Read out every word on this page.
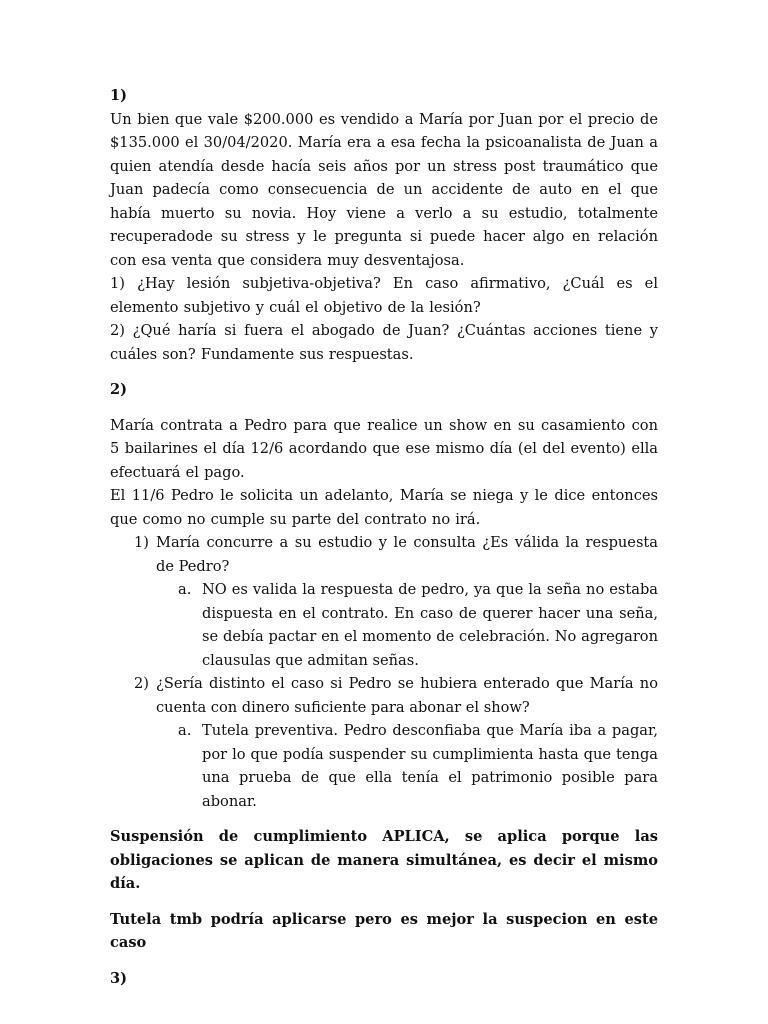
1)

Un bien que vale $200.000 es vendido a María por Juan por el precio de $135.000 el 30/04/2020. María era a esa fecha la psicoanalista de Juan a quien atendía desde hacía seis años por un stress post traumático que Juan padecía como consecuencia de un accidente de auto en el que había muerto su novia. Hoy viene a verlo a su estudio, totalmente recuperadode su stress y le pregunta si puede hacer algo en relación con esa venta que considera muy desventajosa.

1) ¿Hay lesión subjetiva-objetiva? En caso afirmativo, ¿Cuál es el elemento subjetivo y cuál el objetivo de la lesión?

2) ¿Qué haría si fuera el abogado de Juan? ¿Cuántas acciones tiene y cuáles son? Fundamente sus respuestas.

2)

María contrata a Pedro para que realice un show en su casamiento con 5 bailarines el día 12/6 acordando que ese mismo día (el del evento) ella efectuará el pago.

El 11/6 Pedro le solicita un adelanto, María se niega y le dice entonces que como no cumple su parte del contrato no irá.

1) María concurre a su estudio y le consulta ¿Es válida la respuesta de Pedro?
a. NO es valida la respuesta de pedro, ya que la seña no estaba dispuesta en el contrato. En caso de querer hacer una seña, se debía pactar en el momento de celebración. No agregaron clausulas que admitan señas.
2) ¿Sería distinto el caso si Pedro se hubiera enterado que María no cuenta con dinero suficiente para abonar el show?
a. Tutela preventiva. Pedro desconfiaba que María iba a pagar, por lo que podía suspender su cumplimienta hasta que tenga una prueba de que ella tenía el patrimonio posible para abonar.

Suspensión de cumplimiento APLICA, se aplica porque las obligaciones se aplican de manera simultánea, es decir el mismo día.

Tutela tmb podría aplicarse pero es mejor la suspecion en este caso

3)
